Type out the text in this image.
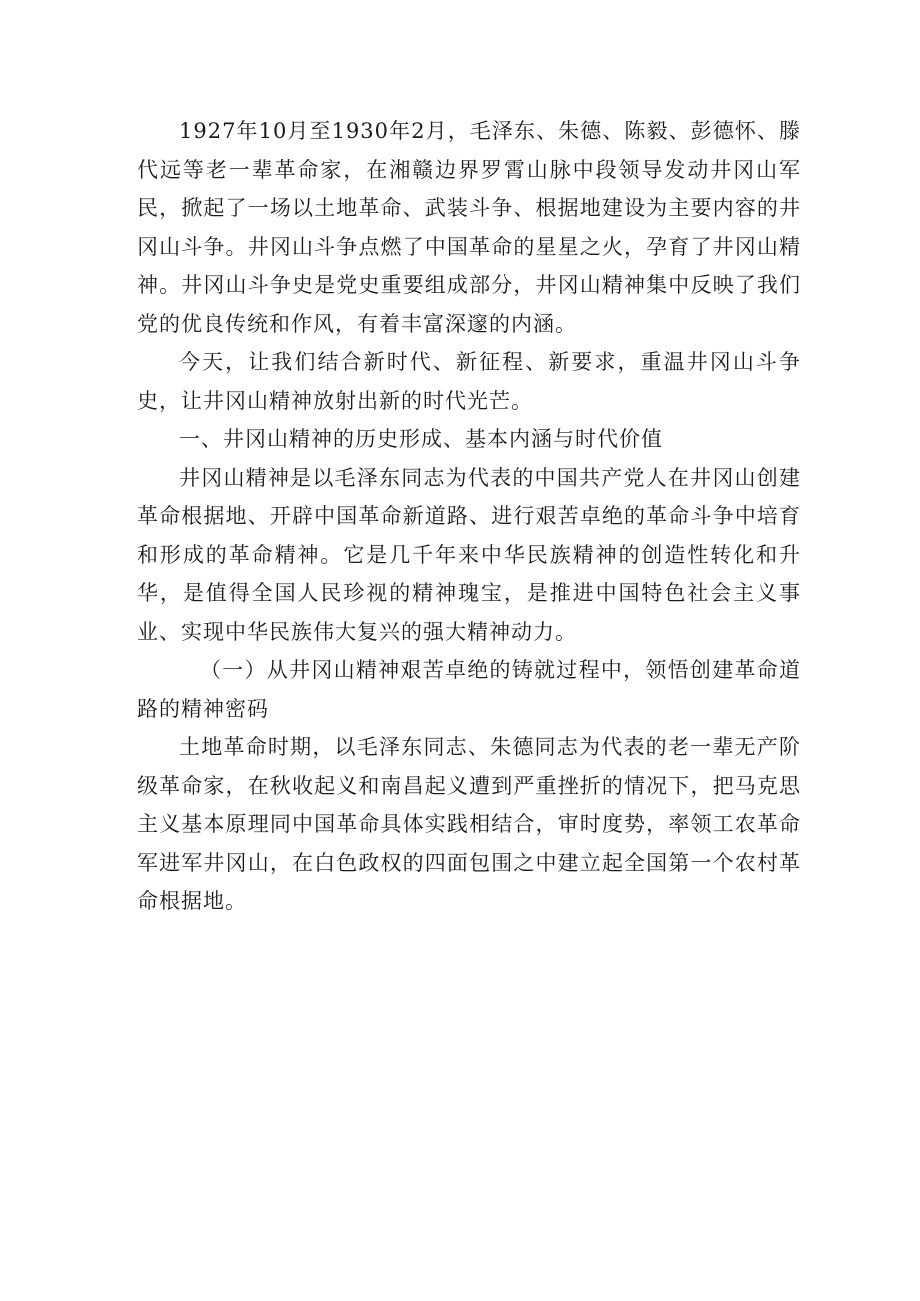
1927年10月至1930年2月，毛泽东、朱德、陈毅、彭德怀、滕代远等老一辈革命家，在湘赣边界罗霄山脉中段领导发动井冈山军民，掀起了一场以土地革命、武装斗争、根据地建设为主要内容的井冈山斗争。井冈山斗争点燃了中国革命的星星之火，孕育了井冈山精神。井冈山斗争史是党史重要组成部分，井冈山精神集中反映了我们党的优良传统和作风，有着丰富深邃的内涵。

今天，让我们结合新时代、新征程、新要求，重温井冈山斗争史，让井冈山精神放射出新的时代光芒。

一、井冈山精神的历史形成、基本内涵与时代价值

井冈山精神是以毛泽东同志为代表的中国共产党人在井冈山创建革命根据地、开辟中国革命新道路、进行艰苦卓绝的革命斗争中培育和形成的革命精神。它是几千年来中华民族精神的创造性转化和升华，是值得全国人民珍视的精神瑰宝，是推进中国特色社会主义事业、实现中华民族伟大复兴的强大精神动力。

（一）从井冈山精神艰苦卓绝的铸就过程中，领悟创建革命道路的精神密码

土地革命时期，以毛泽东同志、朱德同志为代表的老一辈无产阶级革命家，在秋收起义和南昌起义遭到严重挫折的情况下，把马克思主义基本原理同中国革命具体实践相结合，审时度势，率领工农革命军进军井冈山，在白色政权的四面包围之中建立起全国第一个农村革命根据地。
